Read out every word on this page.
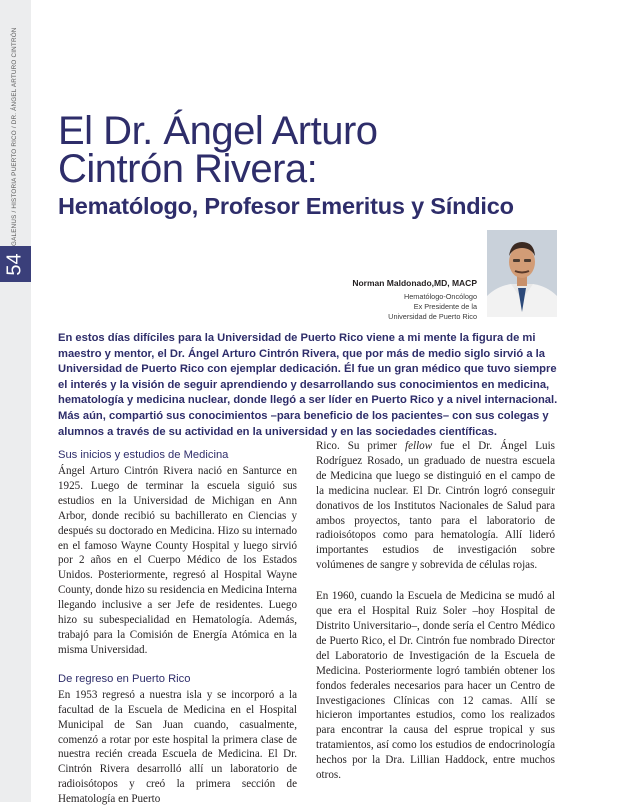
GALENUS / HISTORIA PUERTO RICO / DR. ÁNGEL ARTURO CINTRÓN
54
El Dr. Ángel Arturo
Cintrón Rivera:
Hematólogo, Profesor Emeritus y Síndico
Norman Maldonado,MD, MACP
Hematólogo-Oncólogo
Ex Presidente de la
Universidad de Puerto Rico

En estos días difíciles para la Universidad de Puerto Rico viene a mi mente la figura de mi maestro y mentor, el Dr. Ángel Arturo Cintrón Rivera, que por más de medio siglo sirvió a la Universidad de Puerto Rico con ejemplar dedicación. Él fue un gran médico que tuvo siempre el interés y la visión de seguir aprendiendo y desarrollando sus conocimientos en medicina, hematología y medicina nuclear, donde llegó a ser líder en Puerto Rico y a nivel internacional. Más aún, compartió sus conocimientos –para beneficio de los pacientes– con sus colegas y alumnos a través de su actividad en la universidad y en las sociedades científicas.

Sus inicios y estudios de Medicina

Ángel Arturo Cintrón Rivera nació en Santurce en 1925. Luego de terminar la escuela siguió sus estudios en la Universidad de Michigan en Ann Arbor, donde recibió su bachillerato en Ciencias y después su doctorado en Medicina. Hizo su internado en el famoso Wayne County Hospital y luego sirvió por 2 años en el Cuerpo Médico de los Estados Unidos. Posteriormente, regresó al Hospital Wayne County, donde hizo su residencia en Medicina Interna llegando inclusive a ser Jefe de residentes. Luego hizo su subespecialidad en Hematología. Además, trabajó para la Comisión de Energía Atómica en la misma Universidad.

De regreso en Puerto Rico

En 1953 regresó a nuestra isla y se incorporó a la facultad de la Escuela de Medicina en el Hospital Municipal de San Juan cuando, casualmente, comenzó a rotar por este hospital la primera clase de nuestra recién creada Escuela de Medicina. El Dr. Cintrón Rivera desarrolló allí un laboratorio de radioisótopos y creó la primera sección de Hematología en Puerto

Rico. Su primer fellow fue el Dr. Ángel Luis Rodríguez Rosado, un graduado de nuestra escuela de Medicina que luego se distinguió en el campo de la medicina nuclear. El Dr. Cintrón logró conseguir donativos de los Institutos Nacionales de Salud para ambos proyectos, tanto para el laboratorio de radioisótopos como para hematología. Allí lideró importantes estudios de investigación sobre volúmenes de sangre y sobrevida de células rojas.

En 1960, cuando la Escuela de Medicina se mudó al que era el Hospital Ruiz Soler –hoy Hospital de Distrito Universitario–, donde sería el Centro Médico de Puerto Rico, el Dr. Cintrón fue nombrado Director del Laboratorio de Investigación de la Escuela de Medicina. Posteriormente logró también obtener los fondos federales necesarios para hacer un Centro de Investigaciones Clínicas con 12 camas. Allí se hicieron importantes estudios, como los realizados para encontrar la causa del esprue tropical y sus tratamientos, así como los estudios de endocrinología hechos por la Dra. Lillian Haddock, entre muchos otros.
